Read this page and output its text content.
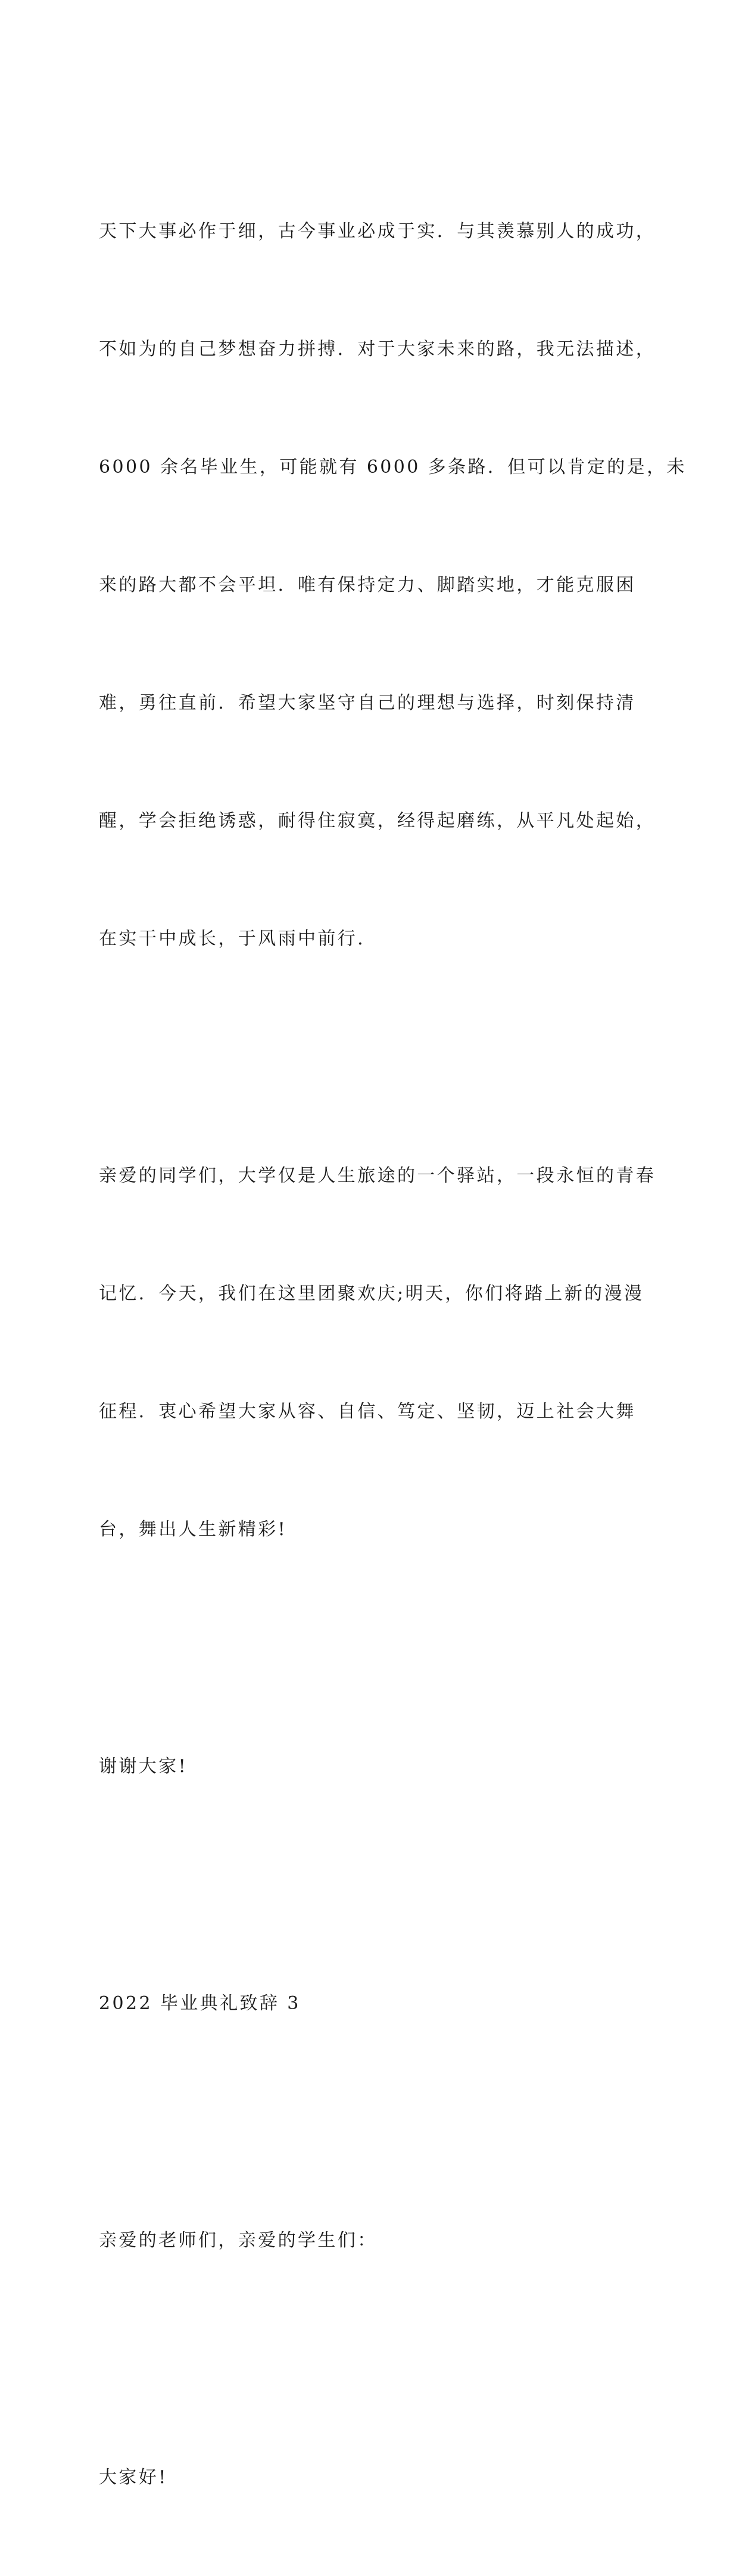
天下大事必作于细，古今事业必成于实．与其羡慕别人的成功，

不如为的自己梦想奋力拼搏．对于大家未来的路，我无法描述，

6000 余名毕业生，可能就有 6000 多条路．但可以肯定的是，未

来的路大都不会平坦．唯有保持定力、脚踏实地，才能克服困

难，勇往直前．希望大家坚守自己的理想与选择，时刻保持清

醒，学会拒绝诱惑，耐得住寂寞，经得起磨练，从平凡处起始，

在实干中成长，于风雨中前行．

亲爱的同学们，大学仅是人生旅途的一个驿站，一段永恒的青春

记忆．今天，我们在这里团聚欢庆;明天，你们将踏上新的漫漫

征程．衷心希望大家从容、自信、笃定、坚韧，迈上社会大舞

台，舞出人生新精彩!

谢谢大家!

2022 毕业典礼致辞 3

亲爱的老师们，亲爱的学生们：

大家好!
